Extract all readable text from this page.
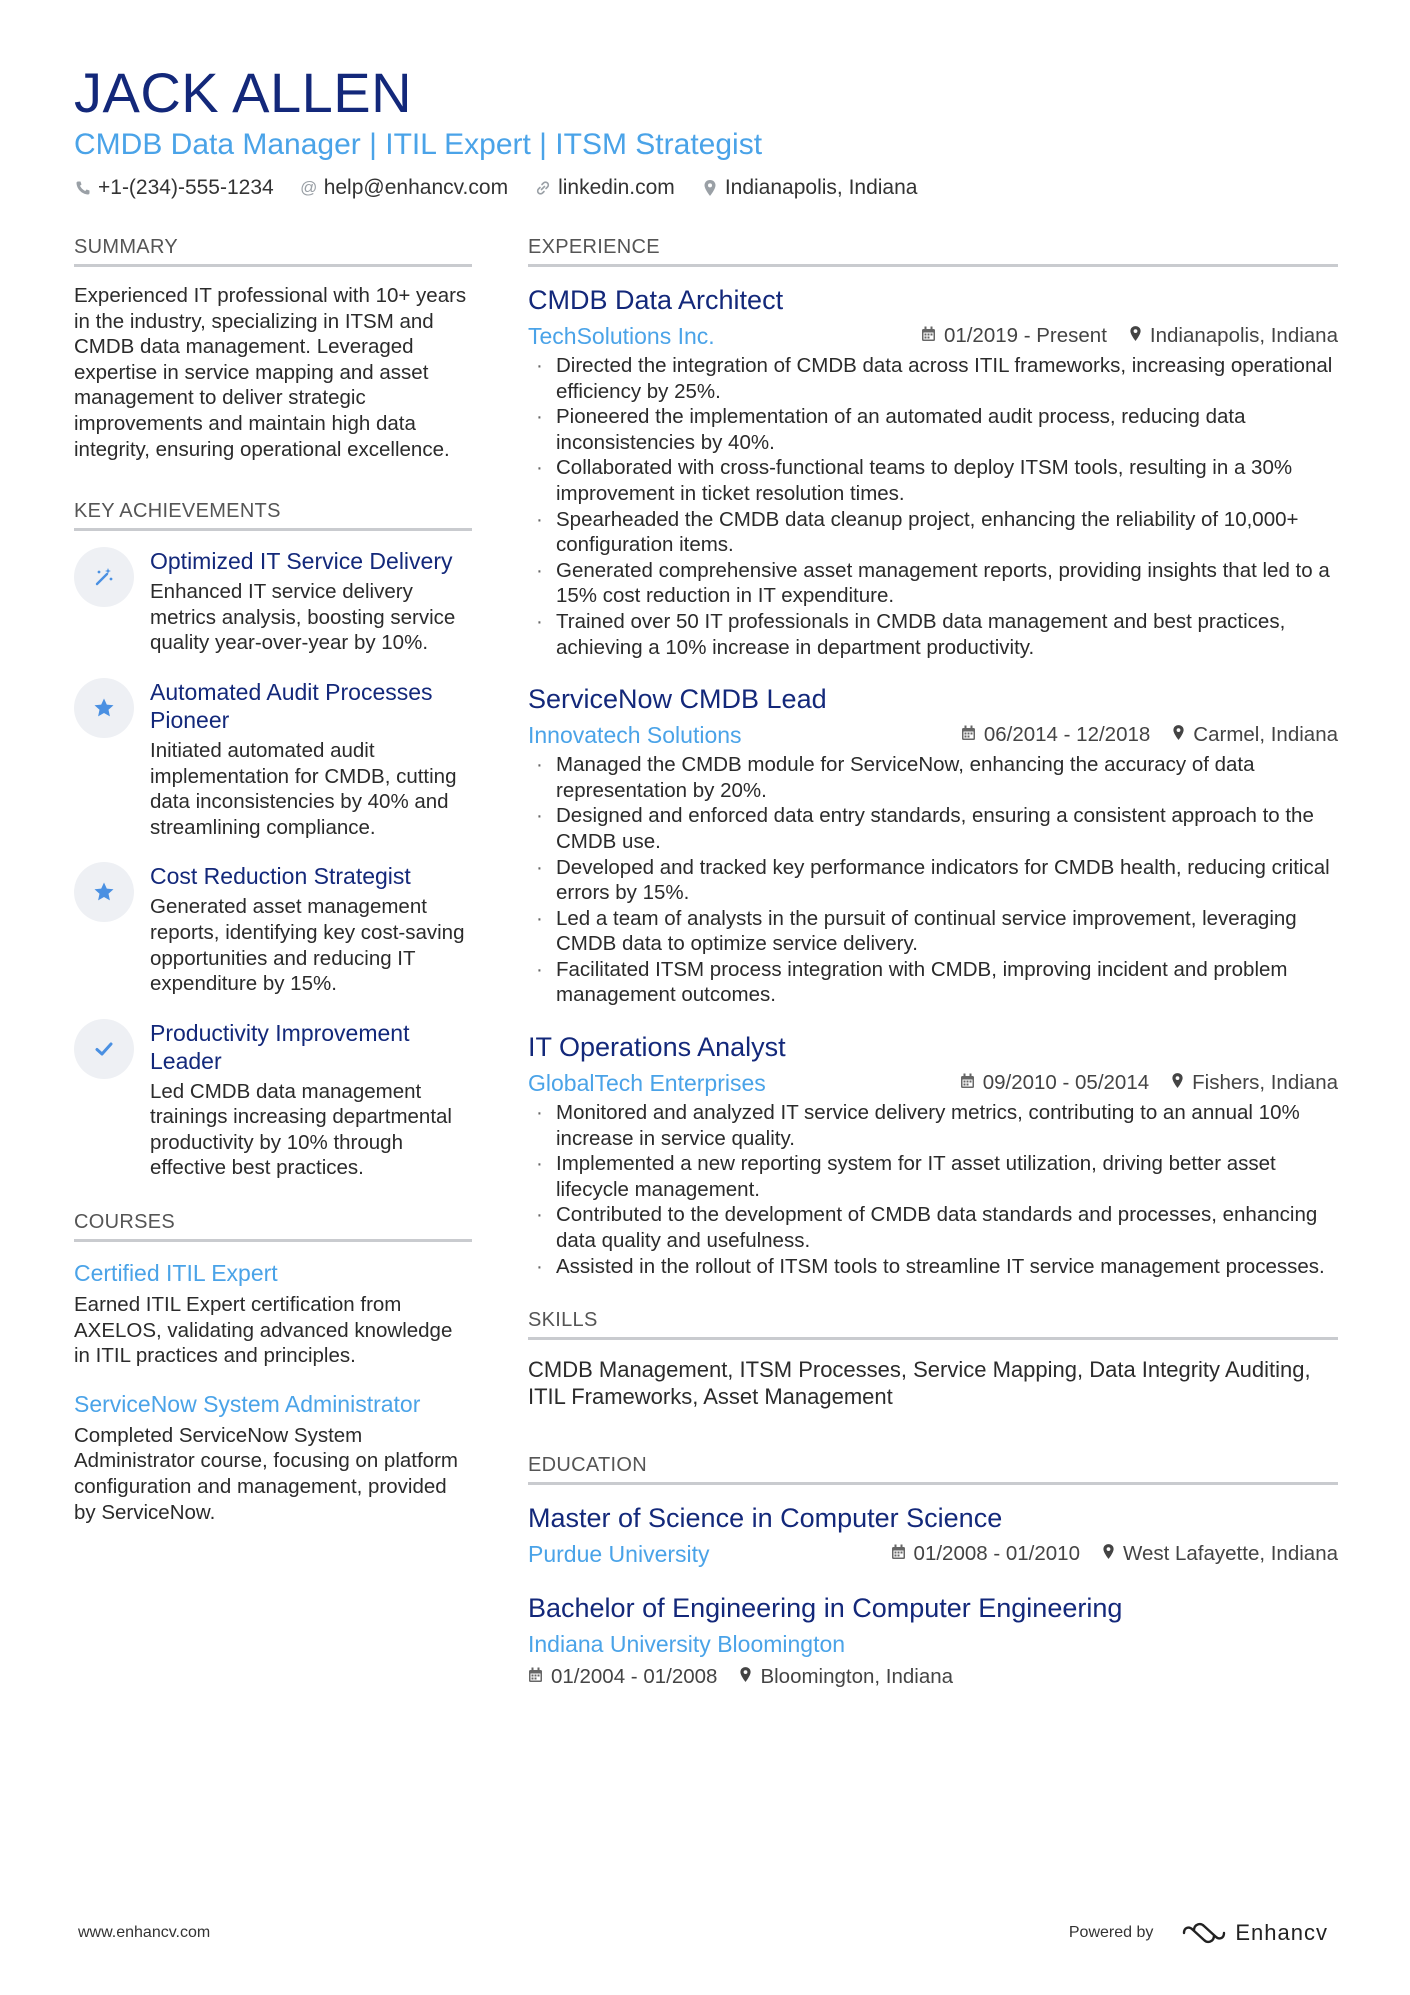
JACK ALLEN
CMDB Data Manager | ITIL Expert | ITSM Strategist
+1-(234)-555-1234 @ help@enhancv.com linkedin.com Indianapolis, Indiana
SUMMARY
Experienced IT professional with 10+ years in the industry, specializing in ITSM and CMDB data management. Leveraged expertise in service mapping and asset management to deliver strategic improvements and maintain high data integrity, ensuring operational excellence.
KEY ACHIEVEMENTS
Optimized IT Service Delivery
Enhanced IT service delivery metrics analysis, boosting service quality year-over-year by 10%.
Automated Audit Processes Pioneer
Initiated automated audit implementation for CMDB, cutting data inconsistencies by 40% and streamlining compliance.
Cost Reduction Strategist
Generated asset management reports, identifying key cost-saving opportunities and reducing IT expenditure by 15%.
Productivity Improvement Leader
Led CMDB data management trainings increasing departmental productivity by 10% through effective best practices.
COURSES
Certified ITIL Expert
Earned ITIL Expert certification from AXELOS, validating advanced knowledge in ITIL practices and principles.
ServiceNow System Administrator
Completed ServiceNow System Administrator course, focusing on platform configuration and management, provided by ServiceNow.
EXPERIENCE
CMDB Data Architect
TechSolutions Inc.	01/2019 - Present Indianapolis, Indiana
· Directed the integration of CMDB data across ITIL frameworks, increasing operational efficiency by 25%.
· Pioneered the implementation of an automated audit process, reducing data inconsistencies by 40%.
· Collaborated with cross-functional teams to deploy ITSM tools, resulting in a 30% improvement in ticket resolution times.
· Spearheaded the CMDB data cleanup project, enhancing the reliability of 10,000+ configuration items.
· Generated comprehensive asset management reports, providing insights that led to a 15% cost reduction in IT expenditure.
· Trained over 50 IT professionals in CMDB data management and best practices, achieving a 10% increase in department productivity.
ServiceNow CMDB Lead
Innovatech Solutions	06/2014 - 12/2018 Carmel, Indiana
· Managed the CMDB module for ServiceNow, enhancing the accuracy of data representation by 20%.
· Designed and enforced data entry standards, ensuring a consistent approach to the CMDB use.
· Developed and tracked key performance indicators for CMDB health, reducing critical errors by 15%.
· Led a team of analysts in the pursuit of continual service improvement, leveraging CMDB data to optimize service delivery.
· Facilitated ITSM process integration with CMDB, improving incident and problem management outcomes.
IT Operations Analyst
GlobalTech Enterprises	09/2010 - 05/2014 Fishers, Indiana
· Monitored and analyzed IT service delivery metrics, contributing to an annual 10% increase in service quality.
· Implemented a new reporting system for IT asset utilization, driving better asset lifecycle management.
· Contributed to the development of CMDB data standards and processes, enhancing data quality and usefulness.
· Assisted in the rollout of ITSM tools to streamline IT service management processes.
SKILLS
CMDB Management, ITSM Processes, Service Mapping, Data Integrity Auditing, ITIL Frameworks, Asset Management
EDUCATION
Master of Science in Computer Science
Purdue University	01/2008 - 01/2010 West Lafayette, Indiana
Bachelor of Engineering in Computer Engineering
Indiana University Bloomington
01/2004 - 01/2008 Bloomington, Indiana
www.enhancv.com	Powered by	Enhancv
